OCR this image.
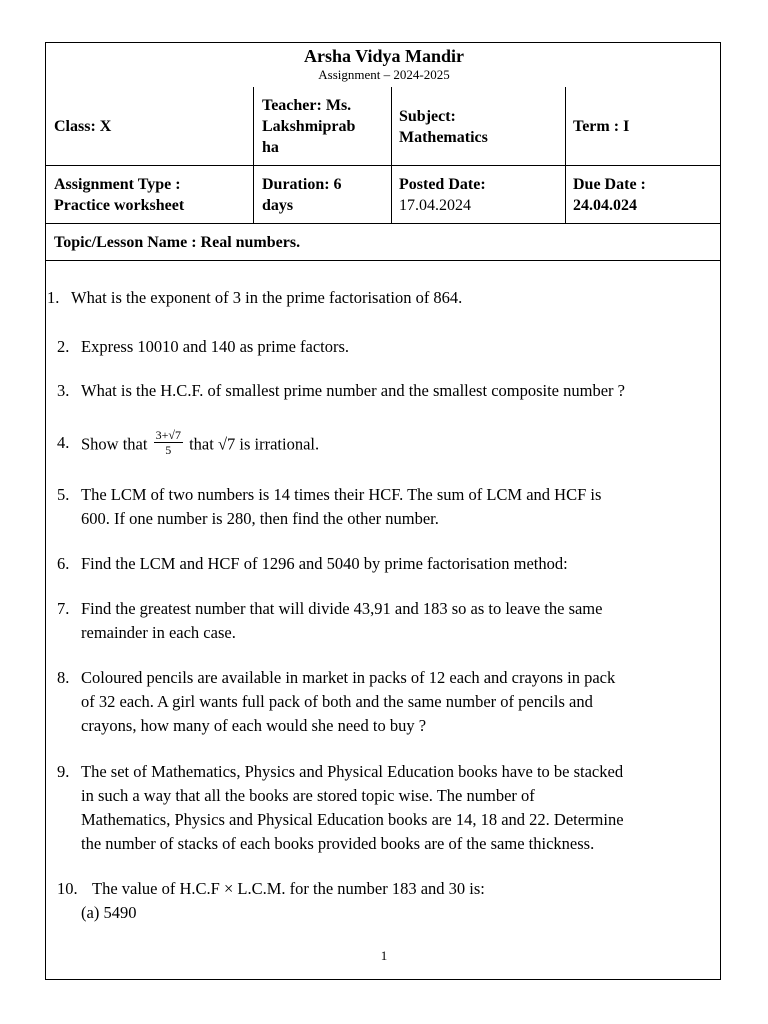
Arsha Vidya Mandir
Assignment – 2024-2025
Class: X
Teacher: Ms.
Lakshmiprab
ha
Subject:
Mathematics
Term : I
Assignment Type :
Practice worksheet
Duration: 6
days
Posted Date:
17.04.2024
Due Date :
24.04.024
Topic/Lesson Name : Real numbers.
1. What is the exponent of 3 in the prime factorisation of 864.
2. Express 10010 and 140 as prime factors.
3. What is the H.C.F. of smallest prime number and the smallest composite number ?
4. Show that $\frac{3+√7}{5}$ that √7 is irrational.
5. The LCM of two numbers is 14 times their HCF. The sum of LCM and HCF is
600. If one number is 280, then find the other number.
6. Find the LCM and HCF of 1296 and 5040 by prime factorisation method:
7. Find the greatest number that will divide 43,91 and 183 so as to leave the same
remainder in each case.
8. Coloured pencils are available in market in packs of 12 each and crayons in pack
of 32 each. A girl wants full pack of both and the same number of pencils and
crayons, how many of each would she need to buy ?
9. The set of Mathematics, Physics and Physical Education books have to be stacked
in such a way that all the books are stored topic wise. The number of
Mathematics, Physics and Physical Education books are 14, 18 and 22. Determine
the number of stacks of each books provided books are of the same thickness.
10. The value of H.C.F × L.C.M. for the number 183 and 30 is:
(a) 5490
1
